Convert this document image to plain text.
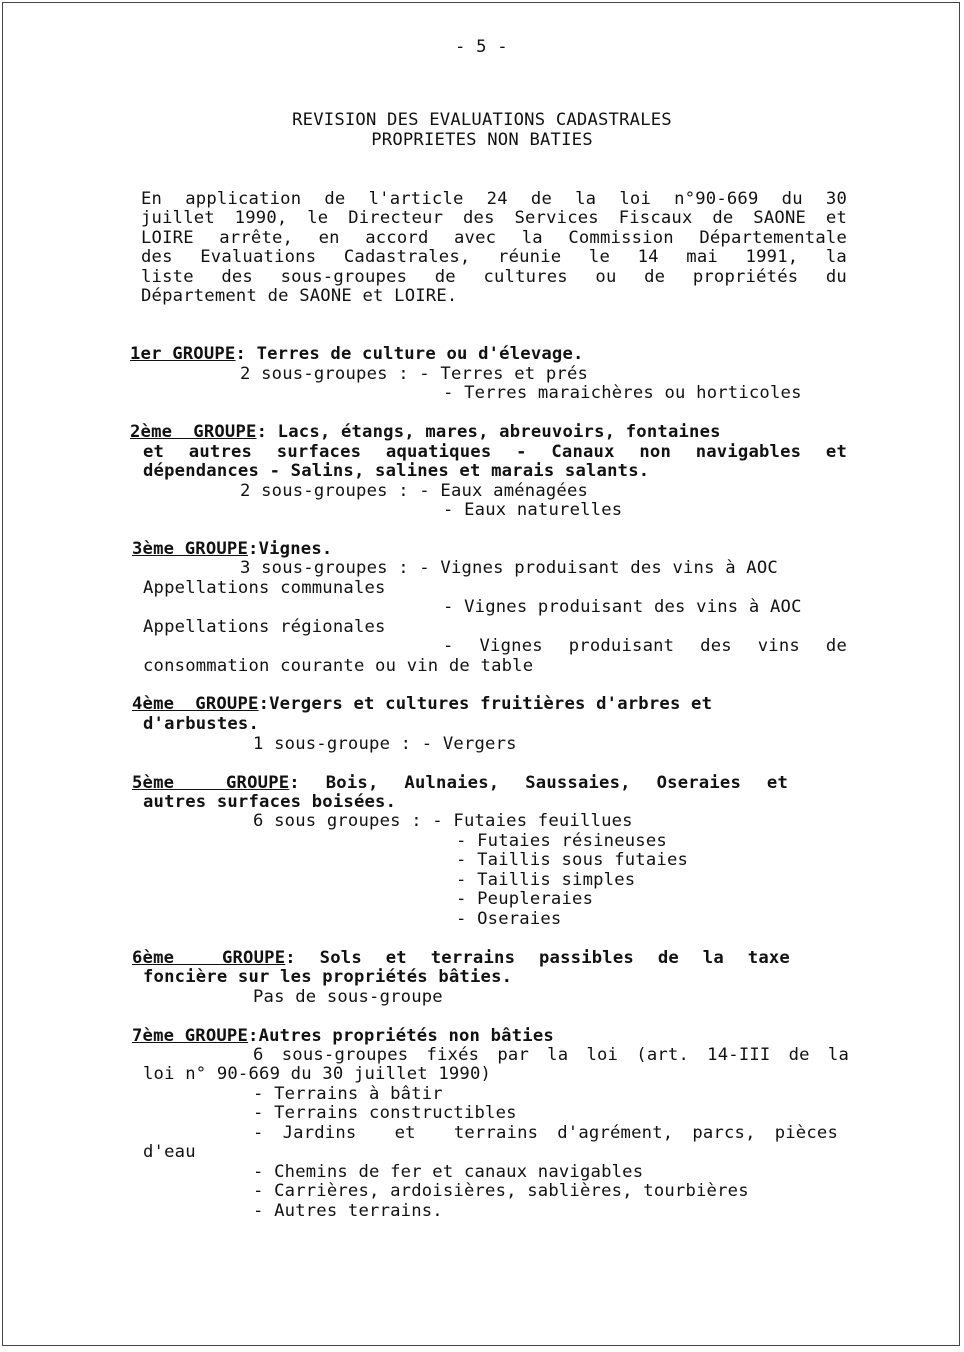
- 5 -
REVISION DES EVALUATIONS CADASTRALES
PROPRIETES NON BATIES
En application de l'article 24 de la loi n°90-669 du 30
juillet 1990, le Directeur des Services Fiscaux de SAONE et
LOIRE arrête, en accord avec la Commission Départementale
des Evaluations Cadastrales, réunie le 14 mai 1991, la
liste des sous-groupes de cultures ou de propriétés du
Département de SAONE et LOIRE.
1er GROUPE: Terres de culture ou d'élevage.
2 sous-groupes : - Terres et prés
- Terres maraichères ou horticoles
2ème  GROUPE: Lacs, étangs, mares, abreuvoirs, fontaines
et autres surfaces aquatiques - Canaux non navigables et
dépendances - Salins, salines et marais salants.
2 sous-groupes : - Eaux aménagées
- Eaux naturelles
3ème GROUPE:Vignes.
3 sous-groupes : - Vignes produisant des vins à AOC
Appellations communales
- Vignes produisant des vins à AOC
Appellations régionales
- Vignes produisant des vins de
consommation courante ou vin de table
4ème  GROUPE:Vergers et cultures fruitières d'arbres et
d'arbustes.
1 sous-groupe : - Vergers
5ème  GROUPE: Bois, Aulnaies, Saussaies, Oseraies et
autres surfaces boisées.
6 sous groupes : - Futaies feuillues
- Futaies résineuses
- Taillis sous futaies
- Taillis simples
- Peupleraies
- Oseraies
6ème  GROUPE: Sols et terrains passibles de la taxe
foncière sur les propriétés bâties.
Pas de sous-groupe
7ème GROUPE:Autres propriétés non bâties
6 sous-groupes fixés par la loi (art. 14-III de la
loi n° 90-669 du 30 juillet 1990)
- Terrains à bâtir
- Terrains constructibles
- Jardins  et  terrains d'agrément, parcs, pièces
d'eau
- Chemins de fer et canaux navigables
- Carrières, ardoisières, sablières, tourbières
- Autres terrains.
